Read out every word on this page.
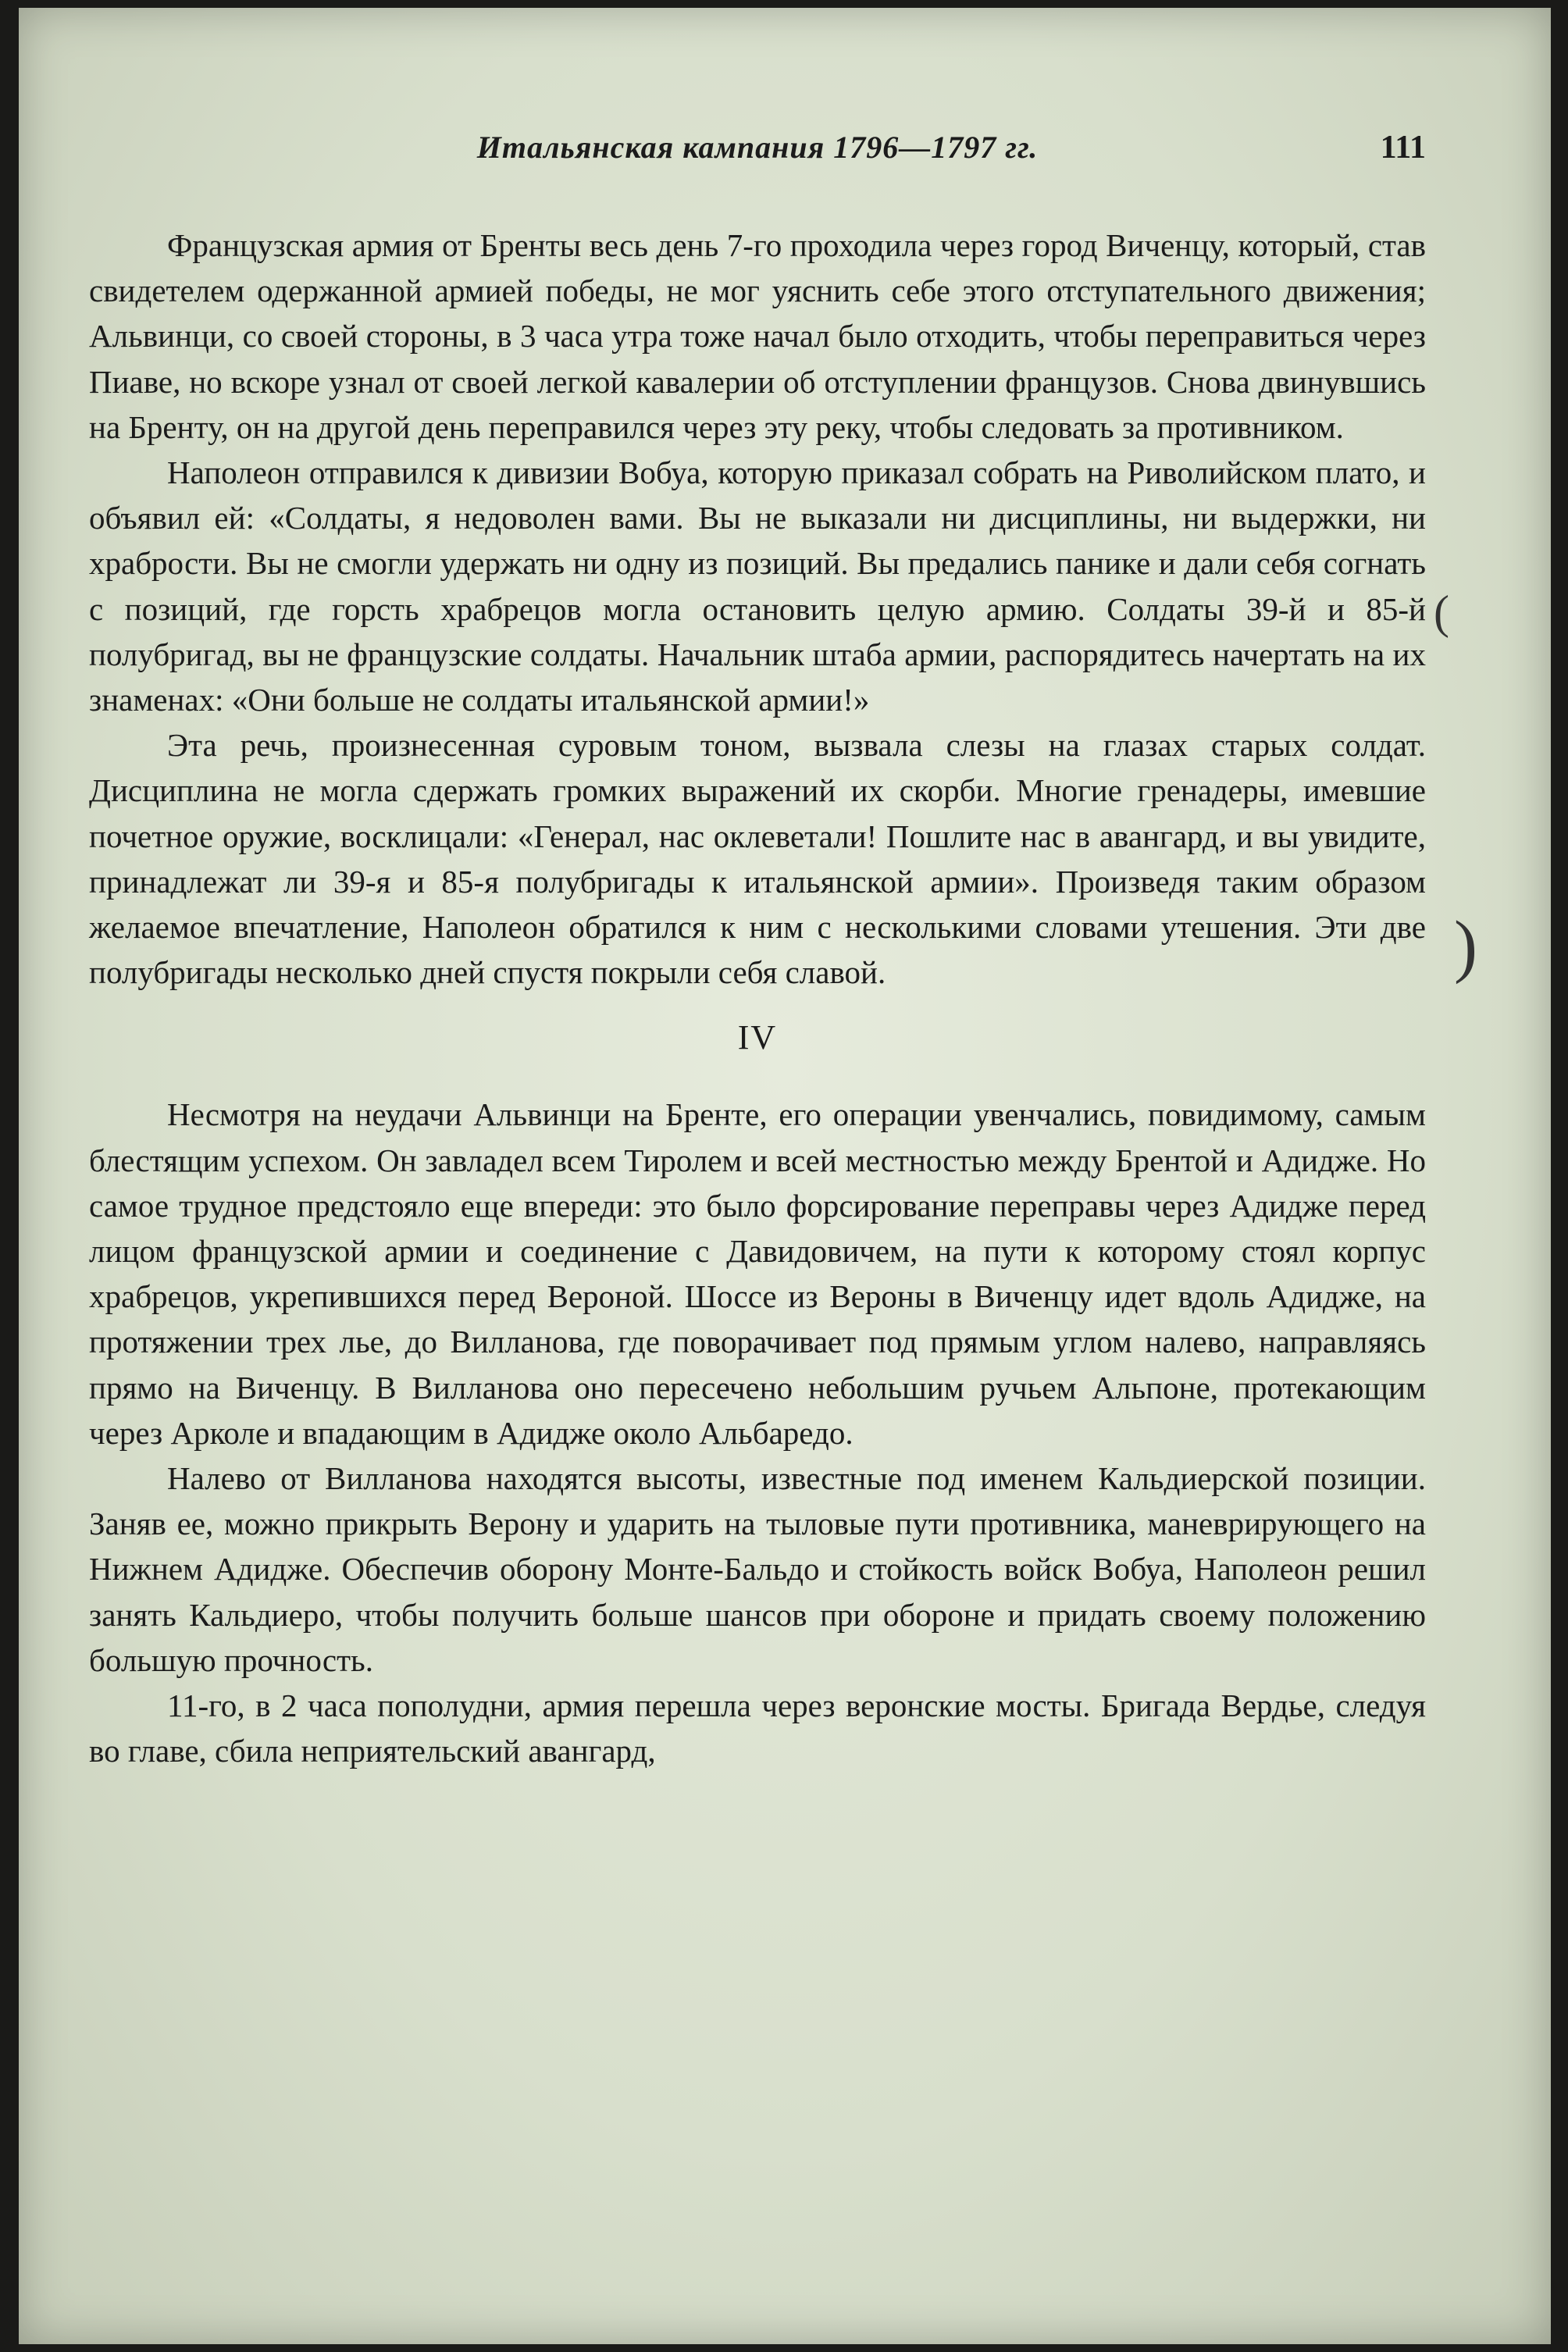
Итальянская кампания 1796—1797 гг.	111

Французская армия от Бренты весь день 7-го проходила через город Виченцу, который, став свидетелем одержанной армией победы, не мог уяснить себе этого отступательного движения; Альвинци, со своей стороны, в 3 часа утра тоже начал было отходить, чтобы переправиться через Пиаве, но вскоре узнал от своей легкой кавалерии об отступлении французов. Снова двинувшись на Бренту, он на другой день переправился через эту реку, чтобы следовать за противником.

Наполеон отправился к дивизии Вобуа, которую приказал собрать на Риволийском плато, и объявил ей: «Солдаты, я недоволен вами. Вы не выказали ни дисциплины, ни выдержки, ни храбрости. Вы не смогли удержать ни одну из позиций. Вы предались панике и дали себя согнать с позиций, где горсть храбрецов могла остановить целую армию. Солдаты 39-й и 85-й полубригад, вы не французские солдаты. Начальник штаба армии, распорядитесь начертать на их знаменах: «Они больше не солдаты итальянской армии!»

Эта речь, произнесенная суровым тоном, вызвала слезы на глазах старых солдат. Дисциплина не могла сдержать громких выражений их скорби. Многие гренадеры, имевшие почетное оружие, восклицали: «Генерал, нас оклеветали! Пошлите нас в авангард, и вы увидите, принадлежат ли 39-я и 85-я полубригады к итальянской армии». Произведя таким образом желаемое впечатление, Наполеон обратился к ним с несколькими словами утешения. Эти две полубригады несколько дней спустя покрыли себя славой.

IV

Несмотря на неудачи Альвинци на Бренте, его операции увенчались, повидимому, самым блестящим успехом. Он завладел всем Тиролем и всей местностью между Брентой и Адидже. Но самое трудное предстояло еще впереди: это было форсирование переправы через Адидже перед лицом французской армии и соединение с Давидовичем, на пути к которому стоял корпус храбрецов, укрепившихся перед Вероной. Шоссе из Вероны в Виченцу идет вдоль Адидже, на протяжении трех лье, до Вилланова, где поворачивает под прямым углом налево, направляясь прямо на Виченцу. В Вилланова оно пересечено небольшим ручьем Альпоне, протекающим через Арколе и впадающим в Адидже около Альбаредо.

Налево от Вилланова находятся высоты, известные под именем Кальдиерской позиции. Заняв ее, можно прикрыть Верону и ударить на тыловые пути противника, маневрирующего на Нижнем Адидже. Обеспечив оборону Монте-Бальдо и стойкость войск Вобуа, Наполеон решил занять Кальдиеро, чтобы получить больше шансов при обороне и придать своему положению большую прочность.

11-го, в 2 часа пополудни, армия перешла через веронские мосты. Бригада Вердье, следуя во главе, сбила неприятельский авангард,

(
)
